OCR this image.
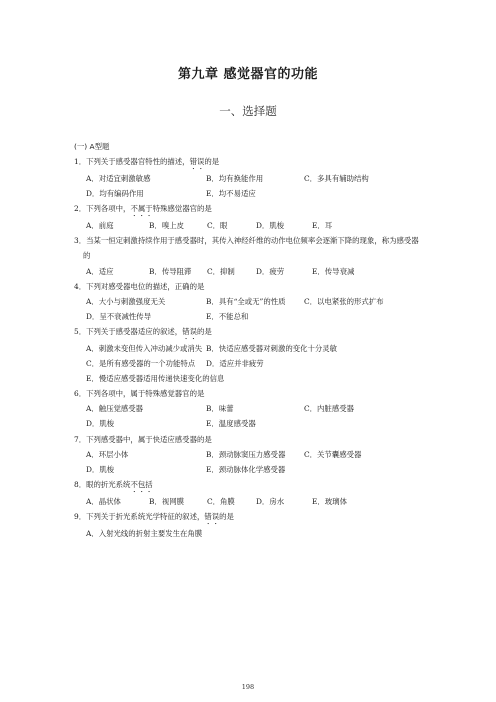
第九章 感觉器官的功能
一、选择题
(一) A型题
1．下列关于感受器官特性的描述，错误的是
A．对适宜刺激敏感	B．均有换能作用	C．多具有辅助结构
D．均有编码作用	E．均不易适应
2．下列各项中，不属于特殊感觉器官的是
A．前庭	B．嗅上皮	C．眼	D．肌梭	E．耳
3．当某一恒定刺激持续作用于感受器时，其传入神经纤维的动作电位频率会逐渐下降的现象，称为感受器的
A．适应	B．传导阻滞 C．抑制	D．疲劳	E．传导衰减
4．下列对感受器电位的描述，正确的是
A．大小与刺激强度无关	B．具有“全或无”的性质 C．以电紧张的形式扩布
D．呈不衰减性传导	E．不能总和
5．下列关于感受器适应的叙述，错误的是
A．刺激未变但传入冲动减少或消失 B．快适应感受器对刺激的变化十分灵敏
C．是所有感受器的一个功能特点 D．适应并非疲劳
E．慢适应感受器适用传递快速变化的信息
6．下列各项中，属于特殊感觉器官的是
A．触压觉感受器	B．味蕾	C．内脏感受器
D．肌梭	E．温度感受器
7．下列感受器中，属于快适应感受器的是
A．环层小体	B．颈动脉窦压力感受器	C．关节囊感受器
D．肌梭	E．颈动脉体化学感受器
8．眼的折光系统不包括
A．晶状体	B．视网膜	C．角膜	D．房水	E．玻璃体
9．下列关于折光系统光学特征的叙述，错误的是
A．入射光线的折射主要发生在角膜
198
